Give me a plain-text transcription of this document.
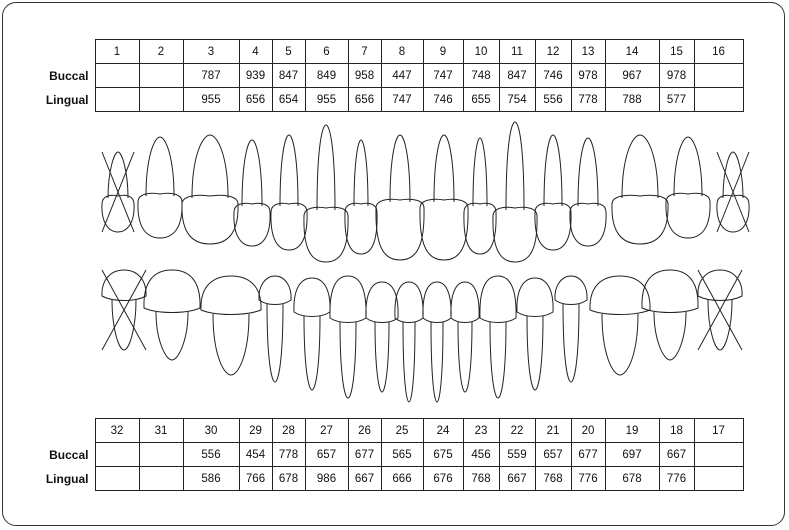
	1	2	3	4	5	6	7	8	9	10	11	12	13	14	15	16
Buccal			787	939	847	849	958	447	747	748	847	746	978	967	978	
Lingual			955	656	654	955	656	747	746	655	754	556	778	788	577	
	32	31	30	29	28	27	26	25	24	23	22	21	20	19	18	17
Buccal			556	454	778	657	677	565	675	456	559	657	677	697	667	
Lingual			586	766	678	986	667	666	676	768	667	768	776	678	776	
